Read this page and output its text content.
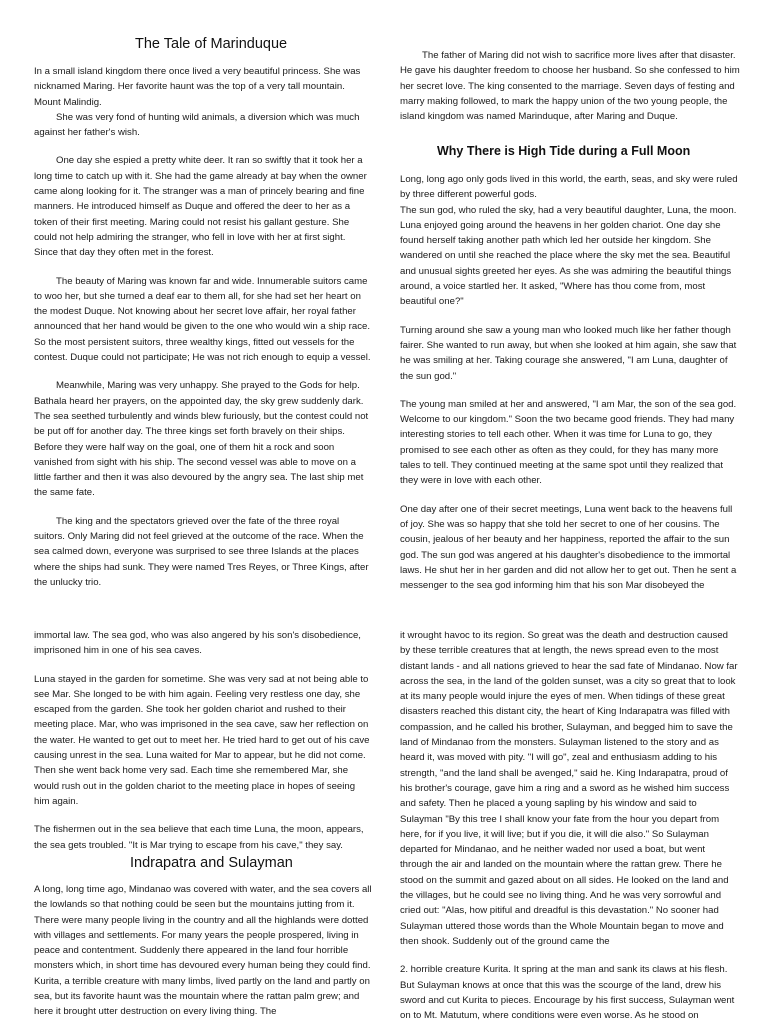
The Tale of Marinduque

In a small island kingdom there once lived a very beautiful princess. She was nicknamed Maring. Her favorite haunt was the top of a very tall mountain. Mount Malindig.

She was very fond of hunting wild animals, a diversion which was much against her father's wish.

One day she espied a pretty white deer. It ran so swiftly that it took her a long time to catch up with it. She had the game already at bay when the owner came along looking for it. The stranger was a man of princely bearing and fine manners. He introduced himself as Duque and offered the deer to her as a token of their first meeting. Maring could not resist his gallant gesture. She could not help admiring the stranger, who fell in love with her at first sight. Since that day they often met in the forest.

The beauty of Maring was known far and wide. Innumerable suitors came to woo her, but she turned a deaf ear to them all, for she had set her heart on the modest Duque. Not knowing about her secret love affair, her royal father announced that her hand would be given to the one who would win a ship race. So the most persistent suitors, three wealthy kings, fitted out vessels for the contest. Duque could not participate; He was not rich enough to equip a vessel.

Meanwhile, Maring was very unhappy. She prayed to the Gods for help. Bathala heard her prayers, on the appointed day, the sky grew suddenly dark. The sea seethed turbulently and winds blew furiously, but the contest could not be put off for another day. The three kings set forth bravely on their ships. Before they were half way on the goal, one of them hit a rock and soon vanished from sight with his ship. The second vessel was able to move on a little farther and then it was also devoured by the angry sea. The last ship met the same fate.

The king and the spectators grieved over the fate of the three royal suitors. Only Maring did not feel grieved at the outcome of the race. When the sea calmed down, everyone was surprised to see three Islands at the places where the ships had sunk. They were named Tres Reyes, or Three Kings, after the unlucky trio.

The father of Maring did not wish to sacrifice more lives after that disaster. He gave his daughter freedom to choose her husband. So she confessed to him her secret love. The king consented to the marriage. Seven days of festing and marry making followed, to mark the happy union of the two young people, the island kingdom was named Marinduque, after Maring and Duque.

Why There is High Tide during a Full Moon

Long, long ago only gods lived in this world, the earth, seas, and sky were ruled by three different powerful gods.

The sun god, who ruled the sky, had a very beautiful daughter, Luna, the moon. Luna enjoyed going around the heavens in her golden chariot. One day she found herself taking another path which led her outside her kingdom. She wandered on until she reached the place where the sky met the sea. Beautiful and unusual sights greeted her eyes. As she was admiring the beautiful things around, a voice startled her. It asked, "Where has thou come from, most beautiful one?"

Turning around she saw a young man who looked much like her father though fairer. She wanted to run away, but when she looked at him again, she saw that he was smiling at her. Taking courage she answered, "I am Luna, daughter of the sun god."

The young man smiled at her and answered, "I am Mar, the son of the sea god. Welcome to our kingdom." Soon the two became good friends. They had many interesting stories to tell each other. When it was time for Luna to go, they promised to see each other as often as they could, for they has many more tales to tell. They continued meeting at the same spot until they realized that they were in love with each other.

One day after one of their secret meetings, Luna went back to the heavens full of joy. She was so happy that she told her secret to one of her cousins. The cousin, jealous of her beauty and her happiness, reported the affair to the sun god. The sun god was angered at his daughter's disobedience to the immortal laws. He shut her in her garden and did not allow her to get out. Then he sent a messenger to the sea god informing him that his son Mar disobeyed the

immortal law. The sea god, who was also angered by his son's disobedience, imprisoned him in one of his sea caves.

Luna stayed in the garden for sometime. She was very sad at not being able to see Mar. She longed to be with him again. Feeling very restless one day, she escaped from the garden. She took her golden chariot and rushed to their meeting place. Mar, who was imprisoned in the sea cave, saw her reflection on the water. He wanted to get out to meet her. He tried hard to get out of his cave causing unrest in the sea. Luna waited for Mar to appear, but he did not come. Then she went back home very sad. Each time she remembered Mar, she would rush out in the golden chariot to the meeting place in hopes of seeing him again.

The fishermen out in the sea believe that each time Luna, the moon, appears, the sea gets troubled. "It is Mar trying to escape from his cave," they say.

Indrapatra and Sulayman

A long, long time ago, Mindanao was covered with water, and the sea covers all the lowlands so that nothing could be seen but the mountains jutting from it. There were many people living in the country and all the highlands were dotted with villages and settlements. For many years the people prospered, living in peace and contentment. Suddenly there appeared in the land four horrible monsters which, in short time has devoured every human being they could find. Kurita, a terrible creature with many limbs, lived partly on the land and partly on sea, but its favorite haunt was the mountain where the rattan palm grew; and here it brought utter destruction on every living thing. The

it wrought havoc to its region. So great was the death and destruction caused by these terrible creatures that at length, the news spread even to the most distant lands - and all nations grieved to hear the sad fate of Mindanao. Now far across the sea, in the land of the golden sunset, was a city so great that to look at its many people would injure the eyes of men. When tidings of these great disasters reached this distant city, the heart of King Indarapatra was filled with compassion, and he called his brother, Sulayman, and begged him to save the land of Mindanao from the monsters. Sulayman listened to the story and as heard it, was moved with pity. "I will go", zeal and enthusiasm adding to his strength, "and the land shall be avenged," said he. King Indarapatra, proud of his brother's courage, gave him a ring and a sword as he wished him success and safety. Then he placed a young sapling by his window and said to Sulayman "By this tree I shall know your fate from the hour you depart from here, for if you live, it will live; but if you die, it will die also." So Sulayman departed for Mindanao, and he neither waded nor used a boat, but went through the air and landed on the mountain where the rattan grew. There he stood on the summit and gazed about on all sides. He looked on the land and the villages, but he could see no living thing. And he was very sorrowful and cried out: "Alas, how pitiful and dreadful is this devastation." No sooner had Sulayman uttered those words than the Whole Mountain began to move and then shook. Suddenly out of the ground came the

2. horrible creature Kurita. It spring at the man and sank its claws at his flesh. But Sulayman knows at once that this was the scourge of the land, drew his sword and cut Kurita to pieces. Encourage by his first success, Sulayman went on to Mt. Matutum, where conditions were even worse. As he stood on
